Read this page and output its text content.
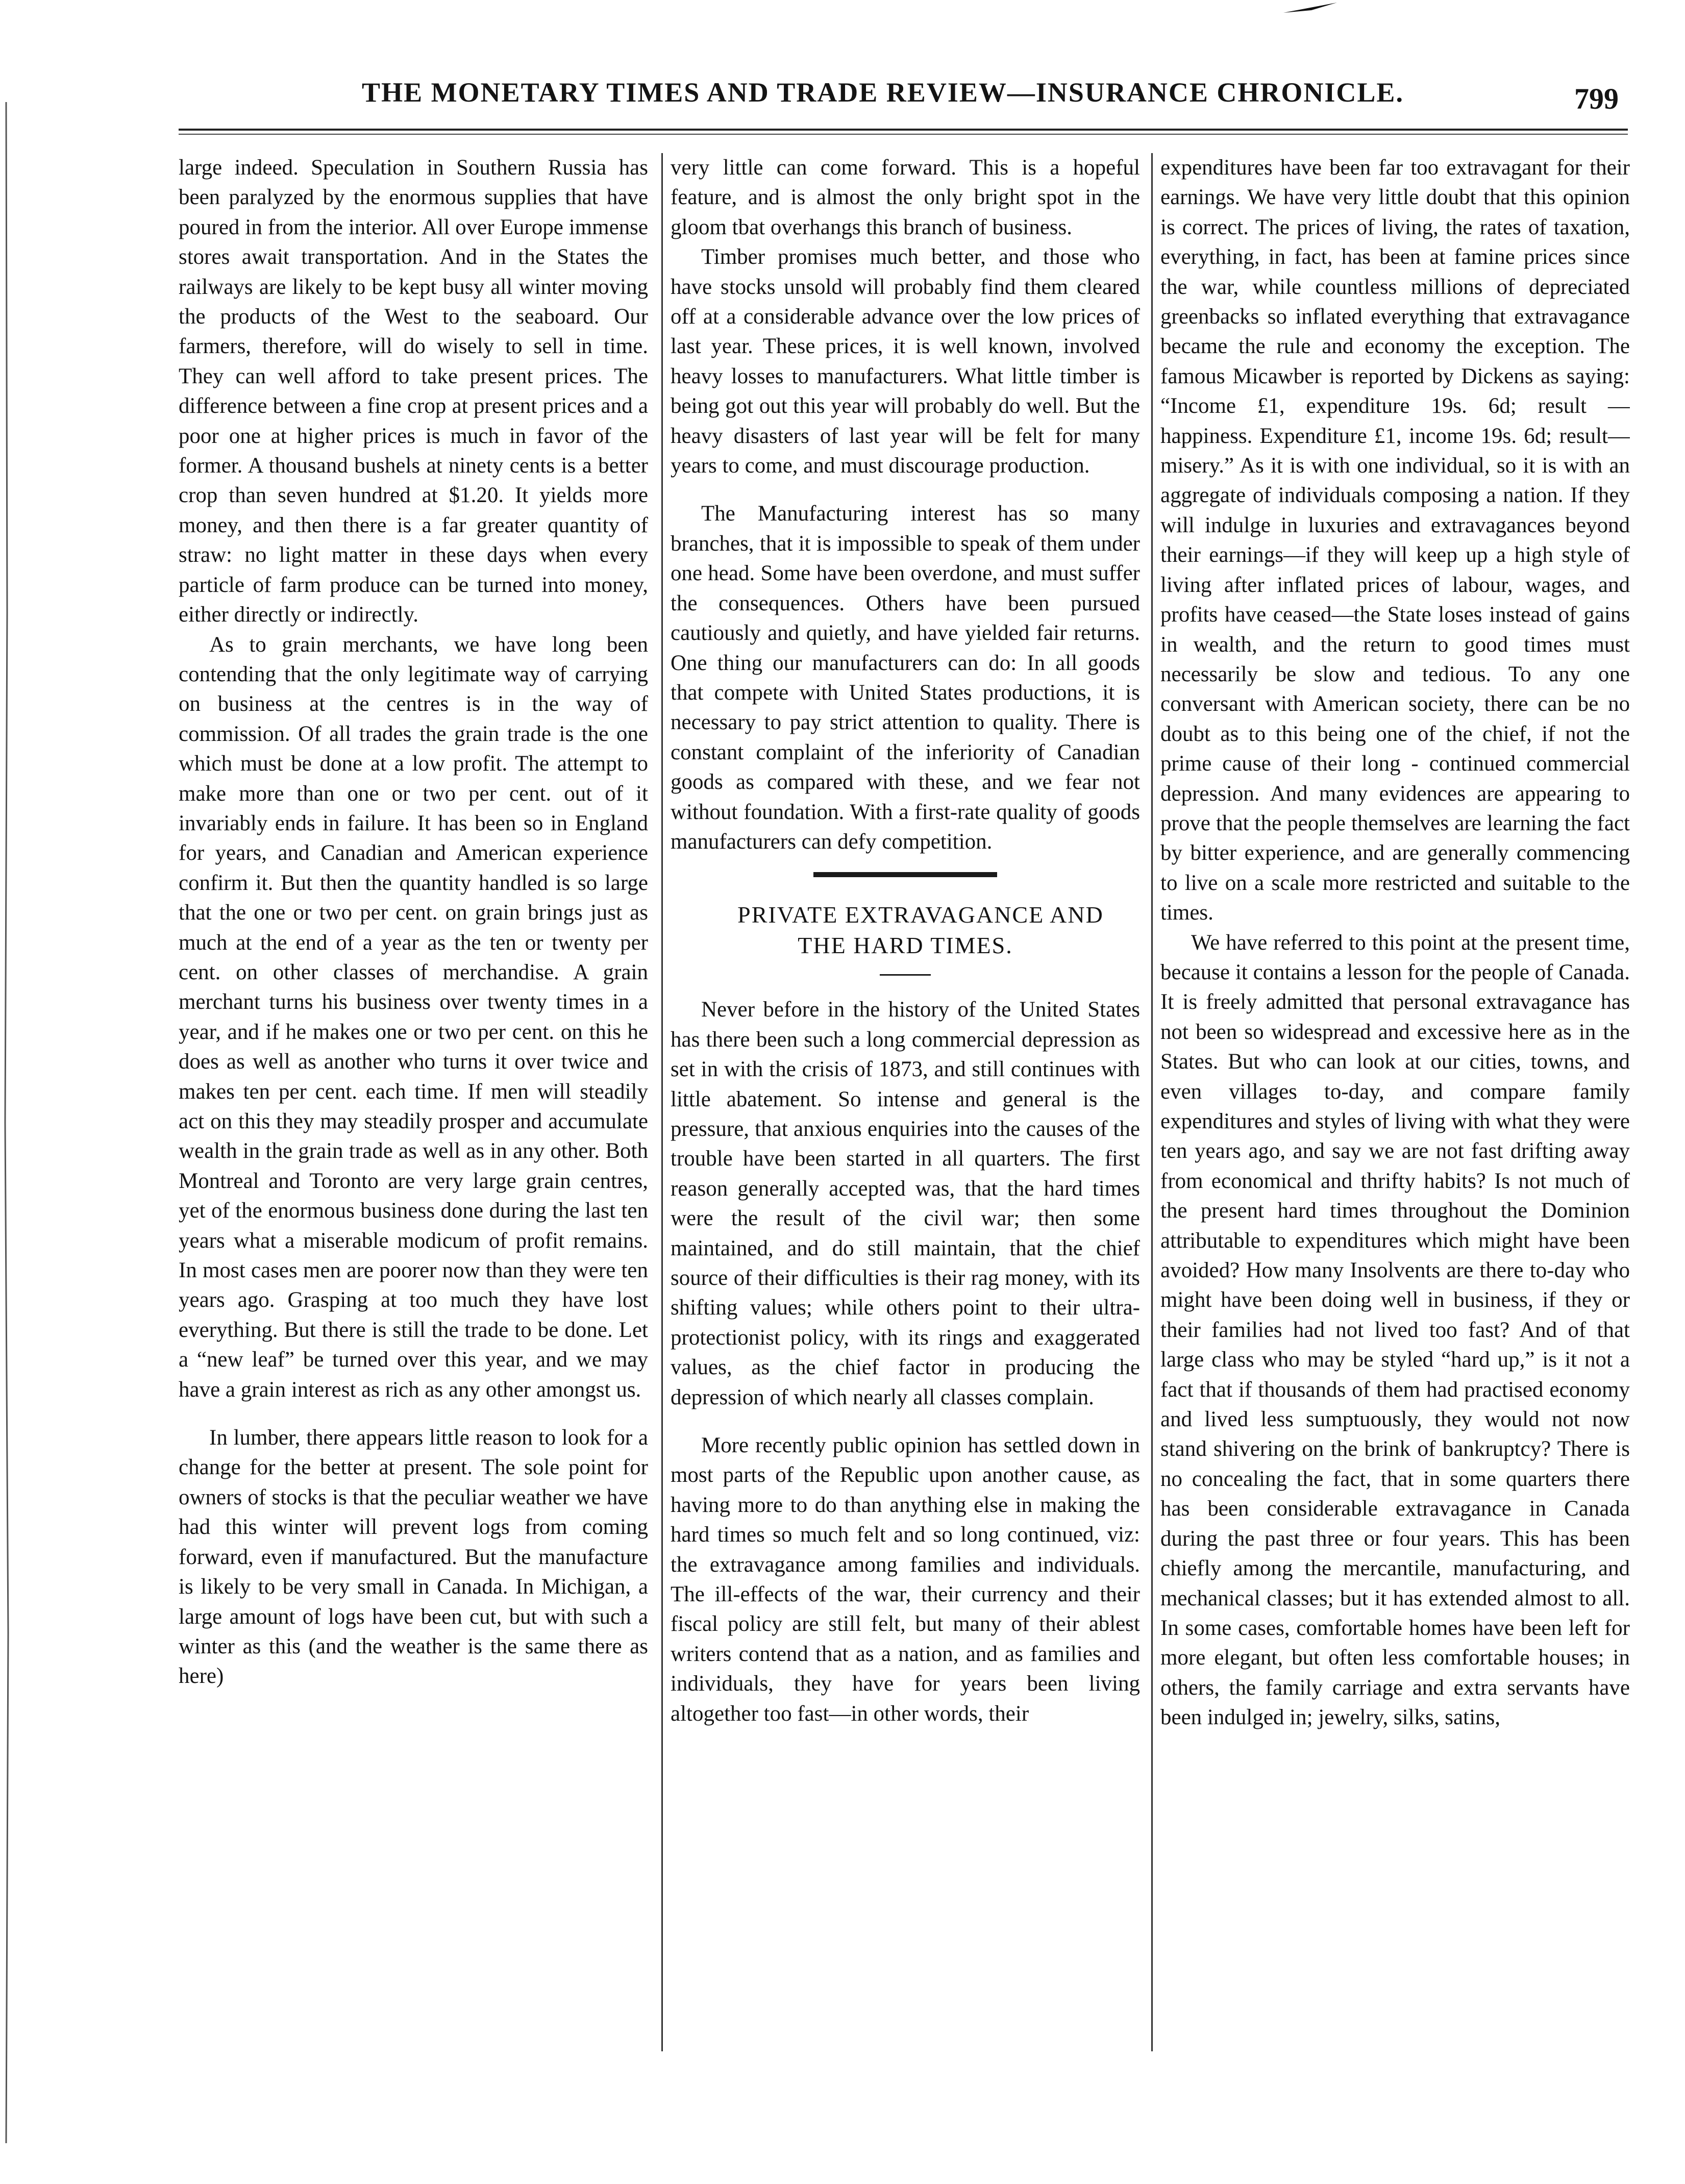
THE MONETARY TIMES AND TRADE REVIEW—INSURANCE CHRONICLE.	799

large indeed. Speculation in Southern Russia has been paralyzed by the enormous supplies that have poured in from the interior. All over Europe immense stores await transportation. And in the States the railways are likely to be kept busy all winter moving the products of the West to the seaboard. Our farmers, therefore, will do wisely to sell in time. They can well afford to take present prices. The difference between a fine crop at present prices and a poor one at higher prices is much in favor of the former. A thousand bushels at ninety cents is a better crop than seven hundred at $1.20. It yields more money, and then there is a far greater quantity of straw: no light matter in these days when every particle of farm produce can be turned into money, either directly or indirectly.

As to grain merchants, we have long been contending that the only legitimate way of carrying on business at the centres is in the way of commission. Of all trades the grain trade is the one which must be done at a low profit. The attempt to make more than one or two per cent. out of it invariably ends in failure. It has been so in England for years, and Canadian and American experience confirm it. But then the quantity handled is so large that the one or two per cent. on grain brings just as much at the end of a year as the ten or twenty per cent. on other classes of merchandise. A grain merchant turns his business over twenty times in a year, and if he makes one or two per cent. on this he does as well as another who turns it over twice and makes ten per cent. each time. If men will steadily act on this they may steadily prosper and accumulate wealth in the grain trade as well as in any other. Both Montreal and Toronto are very large grain centres, yet of the enormous business done during the last ten years what a miserable modicum of profit remains. In most cases men are poorer now than they were ten years ago. Grasping at too much they have lost everything. But there is still the trade to be done. Let a “new leaf” be turned over this year, and we may have a grain interest as rich as any other amongst us.

In lumber, there appears little reason to look for a change for the better at present. The sole point for owners of stocks is that the peculiar weather we have had this winter will prevent logs from coming forward, even if manufactured. But the manufacture is likely to be very small in Canada. In Michigan, a large amount of logs have been cut, but with such a winter as this (and the weather is the same there as here)

very little can come forward. This is a hopeful feature, and is almost the only bright spot in the gloom tbat overhangs this branch of business.

Timber promises much better, and those who have stocks unsold will probably find them cleared off at a considerable advance over the low prices of last year. These prices, it is well known, involved heavy losses to manufacturers. What little timber is being got out this year will probably do well. But the heavy disasters of last year will be felt for many years to come, and must discourage production.

The Manufacturing interest has so many branches, that it is impossible to speak of them under one head. Some have been overdone, and must suffer the consequences. Others have been pursued cautiously and quietly, and have yielded fair returns. One thing our manufacturers can do: In all goods that compete with United States productions, it is necessary to pay strict attention to quality. There is constant complaint of the inferiority of Canadian goods as compared with these, and we fear not without foundation. With a first-rate quality of goods manufacturers can defy competition.

PRIVATE EXTRAVAGANCE AND
THE HARD TIMES.

Never before in the history of the United States has there been such a long commercial depression as set in with the crisis of 1873, and still continues with little abatement. So intense and general is the pressure, that anxious enquiries into the causes of the trouble have been started in all quarters. The first reason generally accepted was, that the hard times were the result of the civil war; then some maintained, and do still maintain, that the chief source of their difficulties is their rag money, with its shifting values; while others point to their ultra-protectionist policy, with its rings and exaggerated values, as the chief factor in producing the depression of which nearly all classes complain.

More recently public opinion has settled down in most parts of the Republic upon another cause, as having more to do than anything else in making the hard times so much felt and so long continued, viz: the extravagance among families and individuals. The ill-effects of the war, their currency and their fiscal policy are still felt, but many of their ablest writers contend that as a nation, and as families and individuals, they have for years been living altogether too fast—in other words, their

expenditures have been far too extravagant for their earnings. We have very little doubt that this opinion is correct. The prices of living, the rates of taxation, everything, in fact, has been at famine prices since the war, while countless millions of depreciated greenbacks so inflated everything that extravagance became the rule and economy the exception. The famous Micawber is reported by Dickens as saying: “Income £1, expenditure 19s. 6d; result — happiness. Expenditure £1, income 19s. 6d; result—misery.” As it is with one individual, so it is with an aggregate of individuals composing a nation. If they will indulge in luxuries and extravagances beyond their earnings—if they will keep up a high style of living after inflated prices of labour, wages, and profits have ceased—the State loses instead of gains in wealth, and the return to good times must necessarily be slow and tedious. To any one conversant with American society, there can be no doubt as to this being one of the chief, if not the prime cause of their long - continued commercial depression. And many evidences are appearing to prove that the people themselves are learning the fact by bitter experience, and are generally commencing to live on a scale more restricted and suitable to the times.

We have referred to this point at the present time, because it contains a lesson for the people of Canada. It is freely admitted that personal extravagance has not been so widespread and excessive here as in the States. But who can look at our cities, towns, and even villages to-day, and compare family expenditures and styles of living with what they were ten years ago, and say we are not fast drifting away from economical and thrifty habits? Is not much of the present hard times throughout the Dominion attributable to expenditures which might have been avoided? How many Insolvents are there to-day who might have been doing well in business, if they or their families had not lived too fast? And of that large class who may be styled “hard up,” is it not a fact that if thousands of them had practised economy and lived less sumptuously, they would not now stand shivering on the brink of bankruptcy? There is no concealing the fact, that in some quarters there has been considerable extravagance in Canada during the past three or four years. This has been chiefly among the mercantile, manufacturing, and mechanical classes; but it has extended almost to all. In some cases, comfortable homes have been left for more elegant, but often less comfortable houses; in others, the family carriage and extra servants have been indulged in; jewelry, silks, satins,
